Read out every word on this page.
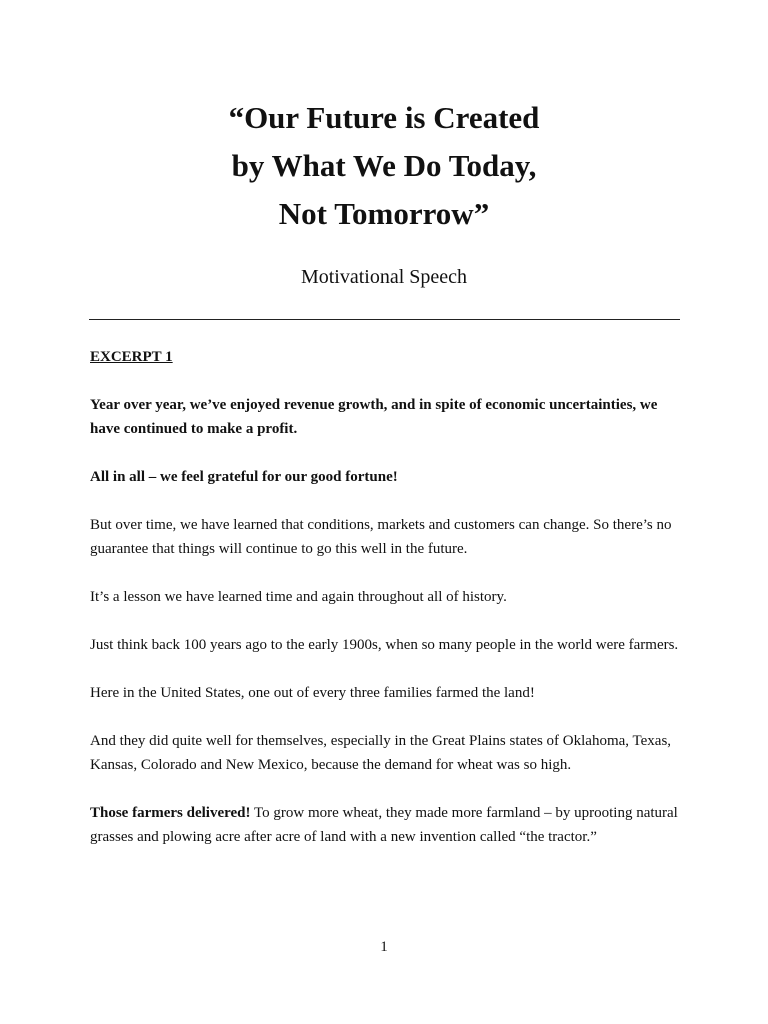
“Our Future is Created
by What We Do Today,
Not Tomorrow”
Motivational Speech

EXCERPT 1

Year over year, we’ve enjoyed revenue growth, and in spite of economic uncertainties, we have continued to make a profit.

All in all – we feel grateful for our good fortune!

But over time, we have learned that conditions, markets and customers can change. So there’s no guarantee that things will continue to go this well in the future.

It’s a lesson we have learned time and again throughout all of history.

Just think back 100 years ago to the early 1900s, when so many people in the world were farmers.

Here in the United States, one out of every three families farmed the land!

And they did quite well for themselves, especially in the Great Plains states of Oklahoma, Texas, Kansas, Colorado and New Mexico, because the demand for wheat was so high.

Those farmers delivered! To grow more wheat, they made more farmland – by uprooting natural grasses and plowing acre after acre of land with a new invention called “the tractor.”

1
